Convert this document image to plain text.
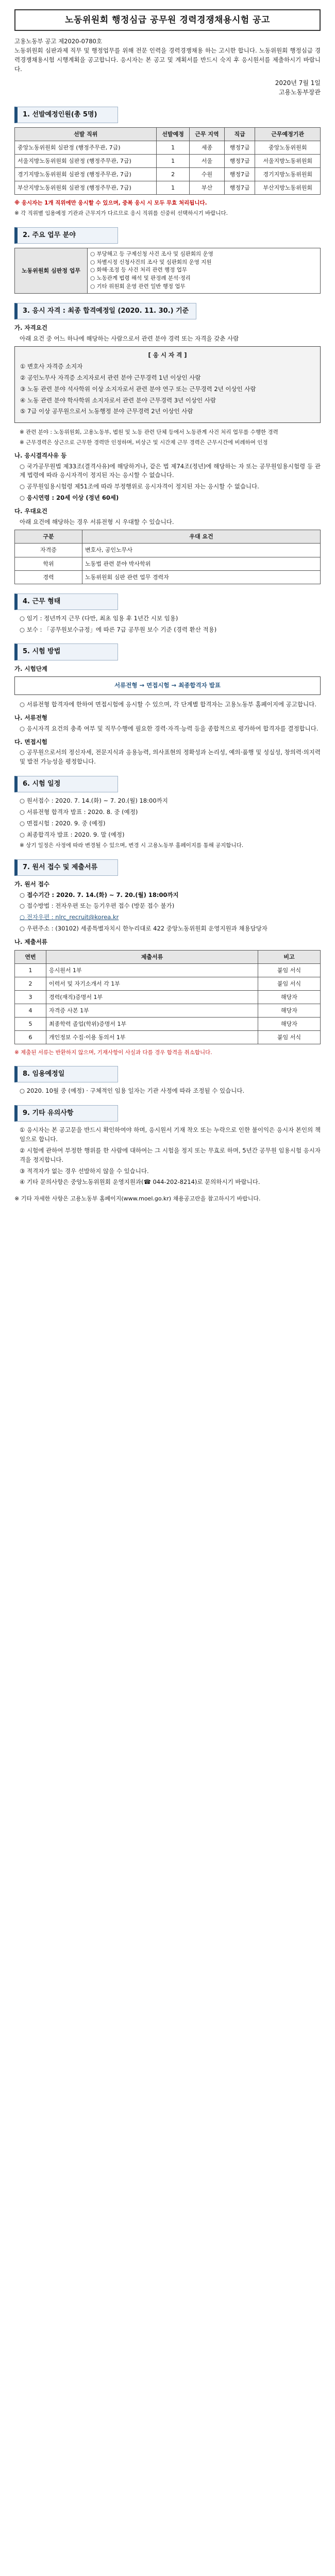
노동위원회 행정심급 공무원 경력경쟁채용시험 공고

고용노동부 공고 제2020-0780호

노동위원회 심판과제 직무 및 행정업무를 위해 전문 인력을 경력경쟁채용 하는 고시한 합니다. 노동위원회 행정심급 경력경쟁채용시험 시행계획을 공고합니다. 응시자는 본 공고 및 계획서를 반드시 숙지 후 응시원서를 제출하시기 바랍니다.

2020년 7월 1일

고용노동부장관

1. 선발예정인원(총 5명)
선발 직위	선발예정	근무 지역	직급	근무예정기관
중앙노동위원회 심판정 (행정주무관, 7급)	1	세종	행정7급	중앙노동위원회
서울지방노동위원회 심판정 (행정주무관, 7급)	1	서울	행정7급	서울지방노동위원회
경기지방노동위원회 심판정 (행정주무관, 7급)	2	수원	행정7급	경기지방노동위원회
부산지방노동위원회 심판정 (행정주무관, 7급)	1	부산	행정7급	부산지방노동위원회

※ 응시자는 1개 직위에만 응시할 수 있으며, 중복 응시 시 모두 무효 처리됩니다.

※ 각 직위별 임용예정 기관과 근무지가 다르므로 응시 직위를 신중히 선택하시기 바랍니다.

2. 주요 업무 분야
노동위원회 심판정 업무	
○ 부당해고 등 구제신청 사건 조사 및 심판회의 운영
○ 차별시정 신청사건의 조사 및 심판회의 운영 지원
○ 화해·조정 등 사건 처리 관련 행정 업무
○ 노동관계 법령 해석 및 판정례 분석·정리
○ 기타 위원회 운영 관련 일반 행정 업무
3. 응시 자격 : 최종 합격예정일 (2020. 11. 30.) 기준
가. 자격요건

아래 요건 중 어느 하나에 해당하는 사람으로서 관련 분야 경력 또는 자격을 갖춘 사람

[ 응 시 자 격 ]
① 변호사 자격증 소지자
② 공인노무사 자격증 소지자로서 관련 분야 근무경력 1년 이상인 사람
③ 노동 관련 분야 석사학위 이상 소지자로서 관련 분야 연구 또는 근무경력 2년 이상인 사람
④ 노동 관련 분야 학사학위 소지자로서 관련 분야 근무경력 3년 이상인 사람
⑤ 7급 이상 공무원으로서 노동행정 분야 근무경력 2년 이상인 사람

※ 관련 분야 : 노동위원회, 고용노동부, 법원 및 노동 관련 단체 등에서 노동관계 사건 처리 업무를 수행한 경력

※ 근무경력은 상근으로 근무한 경력만 인정하며, 비상근 및 시간제 근무 경력은 근무시간에 비례하여 인정

나. 응시결격사유 등

○ 국가공무원법 제33조(결격사유)에 해당하거나, 같은 법 제74조(정년)에 해당하는 자 또는 공무원임용시험령 등 관계 법령에 따라 응시자격이 정지된 자는 응시할 수 없습니다.

○ 공무원임용시험령 제51조에 따라 부정행위로 응시자격이 정지된 자는 응시할 수 없습니다.

○ 응시연령 : 20세 이상 (정년 60세)

다. 우대요건

아래 요건에 해당하는 경우 서류전형 시 우대할 수 있습니다.

구분	우대 요건
자격증	변호사, 공인노무사
학위	노동법 관련 분야 박사학위
경력	노동위원회 심판 관련 업무 경력자
4. 근무 형태

○ 임기 : 정년까지 근무 (다만, 최초 임용 후 1년간 시보 임용)

○ 보수 : 「공무원보수규정」에 따른 7급 공무원 보수 기준 (경력 환산 적용)

5. 시험 방법
가. 시험단계
서류전형 → 면접시험 → 최종합격자 발표

○ 서류전형 합격자에 한하여 면접시험에 응시할 수 있으며, 각 단계별 합격자는 고용노동부 홈페이지에 공고합니다.

나. 서류전형

○ 응시자격 요건의 충족 여부 및 직무수행에 필요한 경력·자격·능력 등을 종합적으로 평가하여 합격자를 결정합니다.

다. 면접시험

○ 공무원으로서의 정신자세, 전문지식과 응용능력, 의사표현의 정확성과 논리성, 예의·품행 및 성실성, 창의력·의지력 및 발전 가능성을 평정합니다.

6. 시험 일정

○ 원서접수 : 2020. 7. 14.(화) ~ 7. 20.(월) 18:00까지

○ 서류전형 합격자 발표 : 2020. 8. 중 (예정)

○ 면접시험 : 2020. 9. 중 (예정)

○ 최종합격자 발표 : 2020. 9. 말 (예정)

※ 상기 일정은 사정에 따라 변경될 수 있으며, 변경 시 고용노동부 홈페이지를 통해 공지합니다.

7. 원서 접수 및 제출서류
가. 원서 접수

○ 접수기간 : 2020. 7. 14.(화) ~ 7. 20.(월) 18:00까지

○ 접수방법 : 전자우편 또는 등기우편 접수 (방문 접수 불가)

○ 전자우편 : nlrc_recruit@korea.kr

○ 우편주소 : (30102) 세종특별자치시 한누리대로 422 중앙노동위원회 운영지원과 채용담당자

나. 제출서류
연번	제출서류	비고
1	응시원서 1부	붙임 서식
2	이력서 및 자기소개서 각 1부	붙임 서식
3	경력(재직)증명서 1부	해당자
4	자격증 사본 1부	해당자
5	최종학력 졸업(학위)증명서 1부	해당자
6	개인정보 수집·이용 동의서 1부	붙임 서식

※ 제출된 서류는 반환하지 않으며, 기재사항이 사실과 다를 경우 합격을 취소합니다.

8. 임용예정일

○ 2020. 10월 중 (예정) · 구체적인 임용 일자는 기관 사정에 따라 조정될 수 있습니다.

9. 기타 유의사항

① 응시자는 본 공고문을 반드시 확인하여야 하며, 응시원서 기재 착오 또는 누락으로 인한 불이익은 응시자 본인의 책임으로 합니다.

② 시험에 관하여 부정한 행위를 한 사람에 대하여는 그 시험을 정지 또는 무효로 하며, 5년간 공무원 임용시험 응시자격을 정지합니다.

③ 적격자가 없는 경우 선발하지 않을 수 있습니다.

④ 기타 문의사항은 중앙노동위원회 운영지원과(☎ 044-202-8214)로 문의하시기 바랍니다.

※ 기타 자세한 사항은 고용노동부 홈페이지(www.moel.go.kr) 채용공고란을 참고하시기 바랍니다.
